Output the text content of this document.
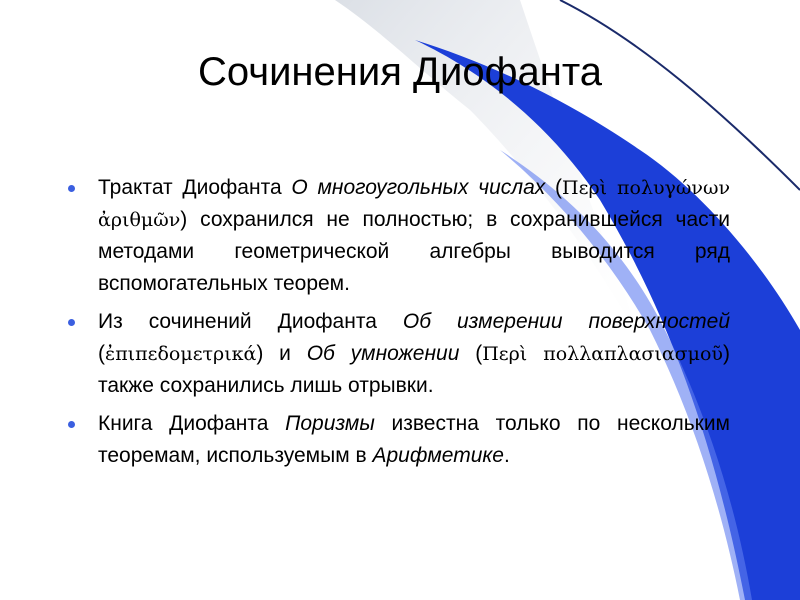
Сочинения Диофанта
Трактат Диофанта О многоугольных числах (Περὶ πολυγώνων ἀριθμῶν) сохранился не полностью; в сохранившейся части методами геометрической алгебры выводится ряд вспомогательных теорем.
Из сочинений Диофанта Об измерении поверхностей (ἐπιπεδομετρικά) и Об умножении (Περὶ πολλαπλασιασμοῦ) также сохранились лишь отрывки.
Книга Диофанта Поризмы известна только по нескольким теоремам, используемым в Арифметике.
